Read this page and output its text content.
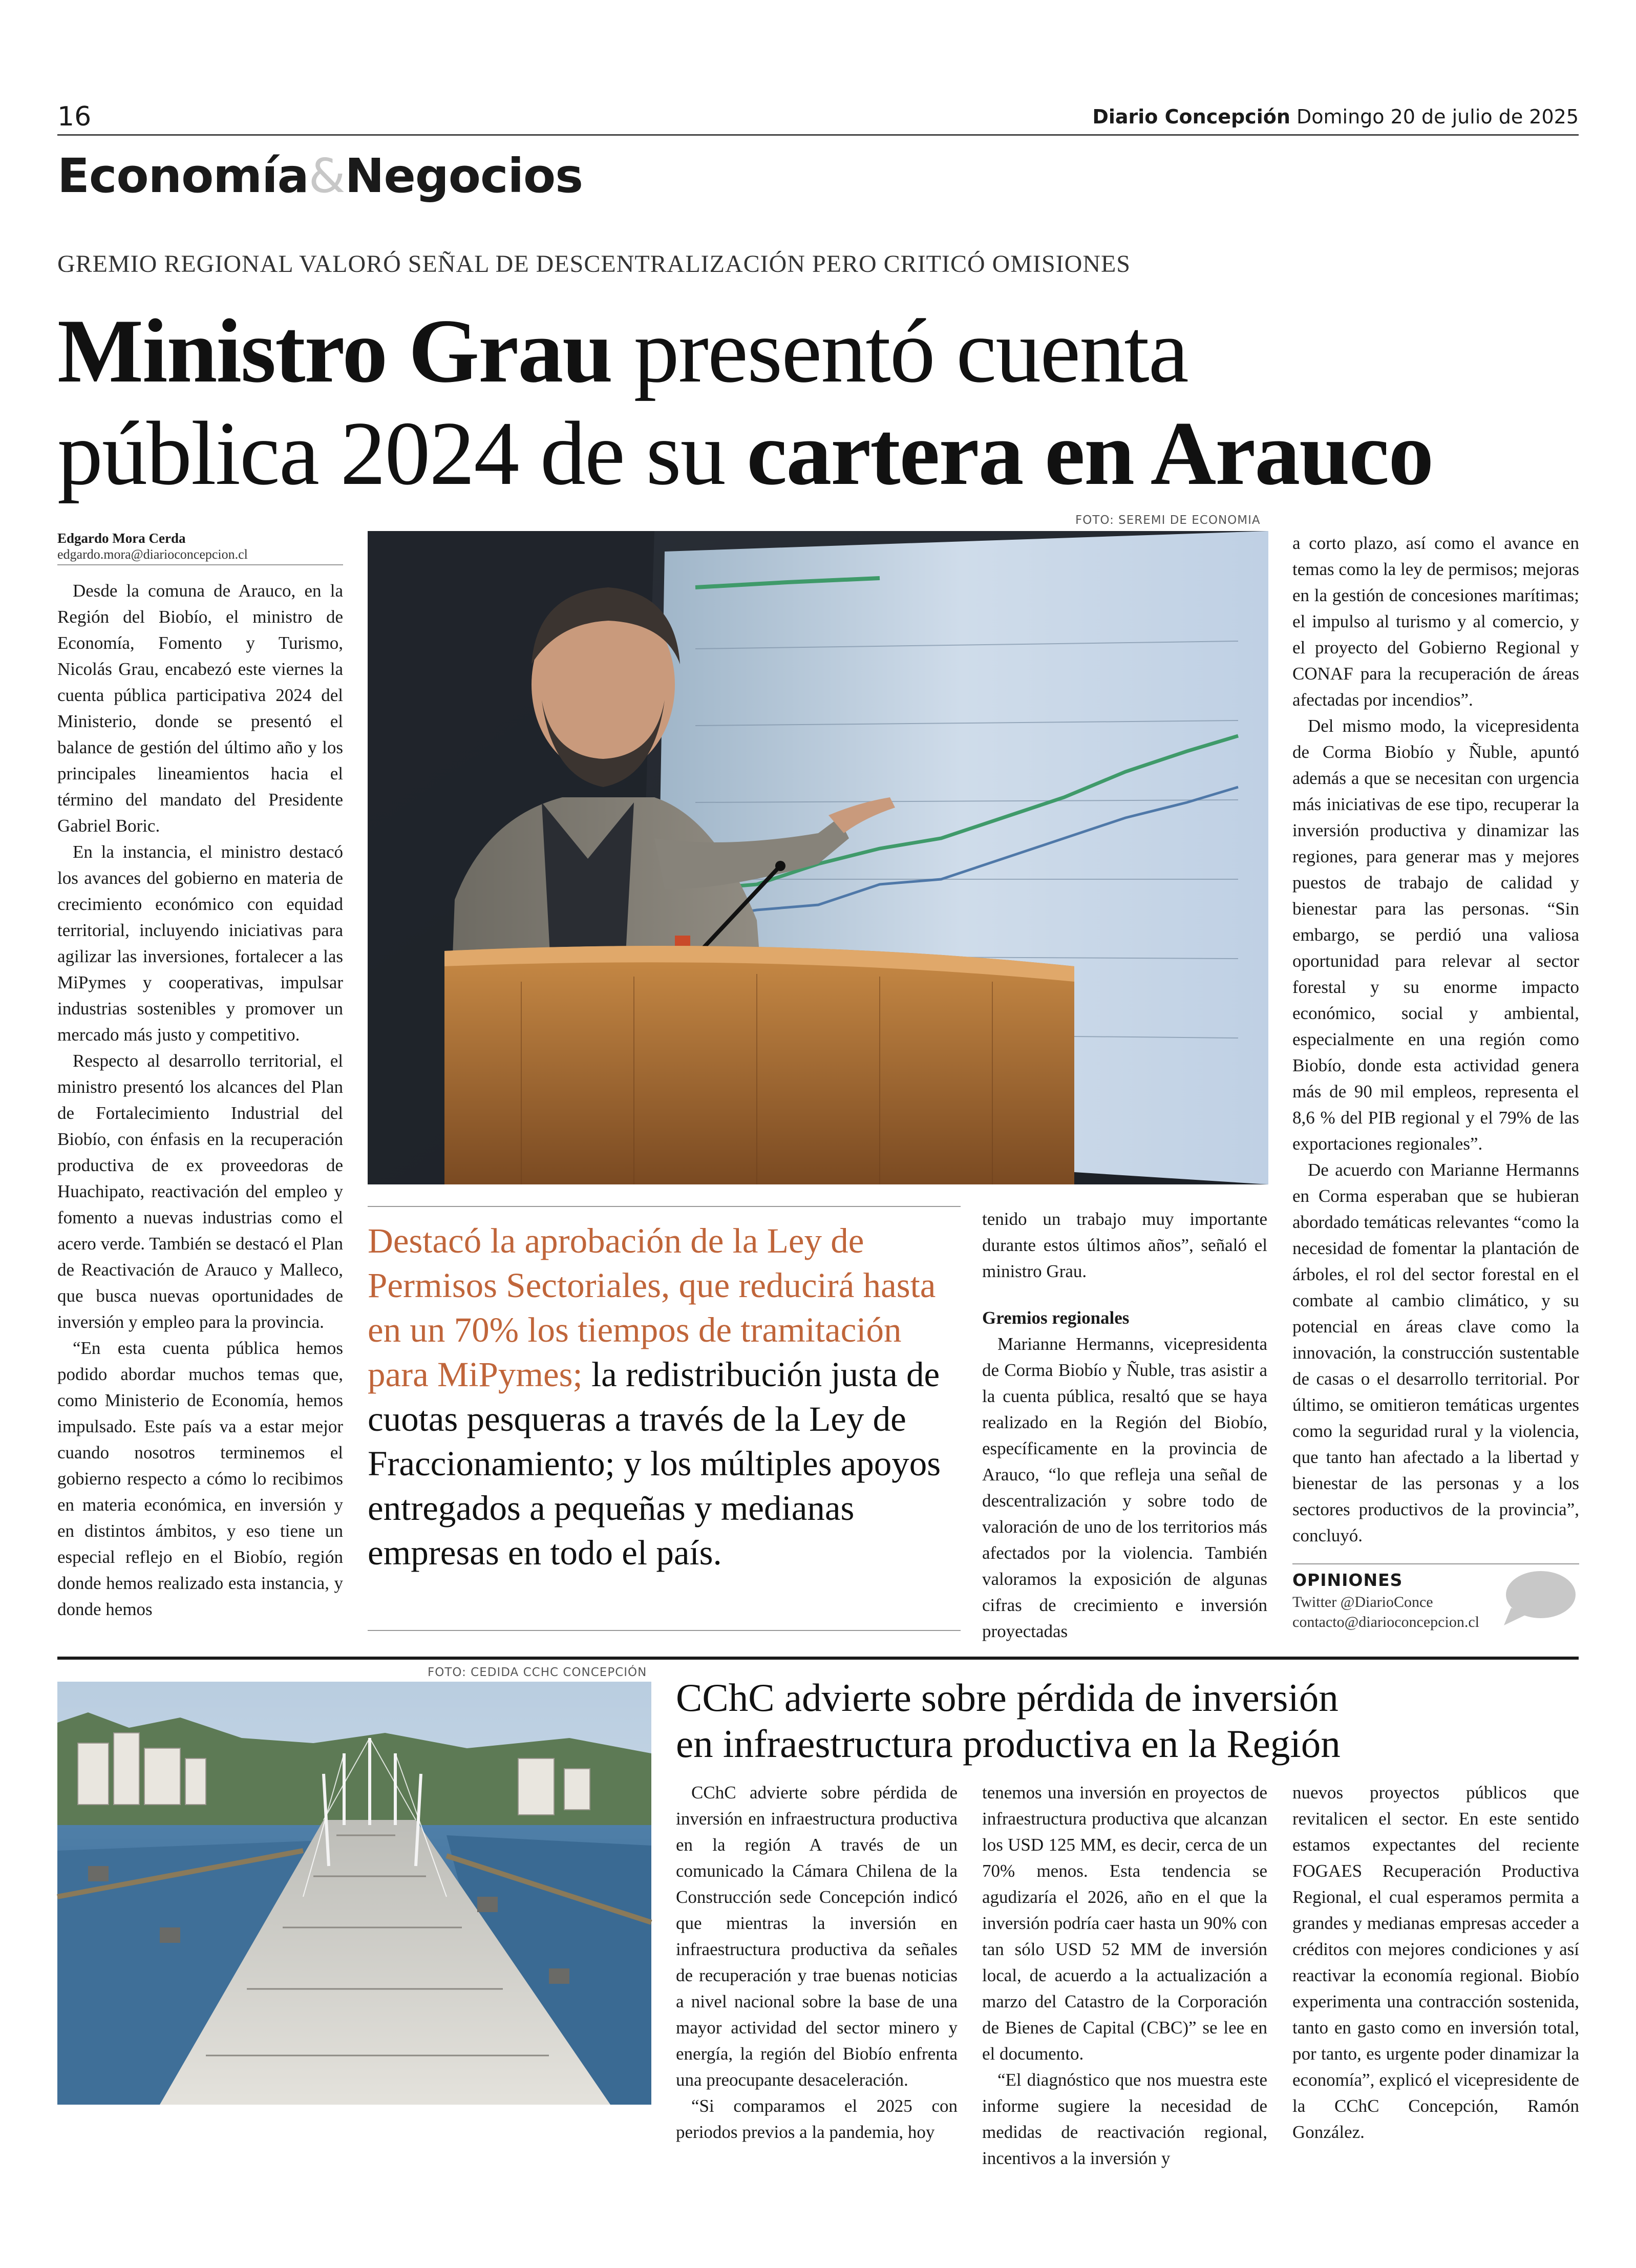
16	Diario Concepción Domingo 20 de julio de 2025
Economía&Negocios
GREMIO REGIONAL VALORÓ SEÑAL DE DESCENTRALIZACIÓN PERO CRITICÓ OMISIONES
Ministro Grau presentó cuenta
pública 2024 de su cartera en Arauco
Edgardo Mora Cerda
edgardo.mora@diarioconcepcion.cl

Desde la comuna de Arauco, en la Región del Biobío, el ministro de Economía, Fomento y Turismo, Nicolás Grau, encabezó este viernes la cuenta pública participativa 2024 del Ministerio, donde se presentó el balance de gestión del último año y los principales lineamientos hacia el término del mandato del Presidente Gabriel Boric.

En la instancia, el ministro destacó los avances del gobierno en materia de crecimiento económico con equidad territorial, incluyendo iniciativas para agilizar las inversiones, fortalecer a las MiPymes y cooperativas, impulsar industrias sostenibles y promover un mercado más justo y competitivo.

Respecto al desarrollo territorial, el ministro presentó los alcances del Plan de Fortalecimiento Industrial del Biobío, con énfasis en la recuperación productiva de ex proveedoras de Huachipato, reactivación del empleo y fomento a nuevas industrias como el acero verde. También se destacó el Plan de Reactivación de Arauco y Malleco, que busca nuevas oportunidades de inversión y empleo para la provincia.

“En esta cuenta pública hemos podido abordar muchos temas que, como Ministerio de Economía, hemos impulsado. Este país va a estar mejor cuando nosotros terminemos el gobierno respecto a cómo lo recibimos en materia económica, en inversión y en distintos ámbitos, y eso tiene un especial reflejo en el Biobío, región donde hemos realizado esta instancia, y donde hemos

FOTO: SEREMI DE ECONOMIA
Destacó la aprobación de la Ley de Permisos Sectoriales, que reducirá hasta en un 70% los tiempos de tramitación para MiPymes; la redistribución justa de cuotas pesqueras a través de la Ley de Fraccionamiento; y los múltiples apoyos entregados a pequeñas y medianas empresas en todo el país.

tenido un trabajo muy importante durante estos últimos años”, señaló el ministro Grau.

Gremios regionales

Marianne Hermanns, vicepresidenta de Corma Biobío y Ñuble, tras asistir a la cuenta pública, resaltó que se haya realizado en la Región del Biobío, específicamente en la provincia de Arauco, “lo que refleja una señal de descentralización y sobre todo de valoración de uno de los territorios más afectados por la violencia. También valoramos la exposición de algunas cifras de crecimiento e inversión proyectadas

a corto plazo, así como el avance en temas como la ley de permisos; mejoras en la gestión de concesiones marítimas; el impulso al turismo y al comercio, y el proyecto del Gobierno Regional y CONAF para la recuperación de áreas afectadas por incendios”.

Del mismo modo, la vicepresidenta de Corma Biobío y Ñuble, apuntó además a que se necesitan con urgencia más iniciativas de ese tipo, recuperar la inversión productiva y dinamizar las regiones, para generar mas y mejores puestos de trabajo de calidad y bienestar para las personas. “Sin embargo, se perdió una valiosa oportunidad para relevar al sector forestal y su enorme impacto económico, social y ambiental, especialmente en una región como Biobío, donde esta actividad genera más de 90 mil empleos, representa el 8,6 % del PIB regional y el 79% de las exportaciones regionales”.

De acuerdo con Marianne Hermanns en Corma esperaban que se hubieran abordado temáticas relevantes “como la necesidad de fomentar la plantación de árboles, el rol del sector forestal en el combate al cambio climático, y su potencial en áreas clave como la innovación, la construcción sustentable de casas o el desarrollo territorial. Por último, se omitieron temáticas urgentes como la seguridad rural y la violencia, que tanto han afectado a la libertad y bienestar de las personas y a los sectores productivos de la provincia”, concluyó.

OPINIONES
Twitter @DiarioConce
contacto@diarioconcepcion.cl
FOTO: CEDIDA CCHC CONCEPCIÓN
CChC advierte sobre pérdida de inversión
en infraestructura productiva en la Región

CChC advierte sobre pérdida de inversión en infraestructura productiva en la región A través de un comunicado la Cámara Chilena de la Construcción sede Concepción indicó que mientras la inversión en infraestructura productiva da señales de recuperación y trae buenas noticias a nivel nacional sobre la base de una mayor actividad del sector minero y energía, la región del Biobío enfrenta una preocupante desaceleración.

“Si comparamos el 2025 con periodos previos a la pandemia, hoy

tenemos una inversión en proyectos de infraestructura productiva que alcanzan los USD 125 MM, es decir, cerca de un 70% menos. Esta tendencia se agudizaría el 2026, año en el que la inversión podría caer hasta un 90% con tan sólo USD 52 MM de inversión local, de acuerdo a la actualización a marzo del Catastro de la Corporación de Bienes de Capital (CBC)” se lee en el documento.

“El diagnóstico que nos muestra este informe sugiere la necesidad de medidas de reactivación regional, incentivos a la inversión y

nuevos proyectos públicos que revitalicen el sector. En este sentido estamos expectantes del reciente FOGAES Recuperación Productiva Regional, el cual esperamos permita a grandes y medianas empresas acceder a créditos con mejores condiciones y así reactivar la economía regional. Biobío experimenta una contracción sostenida, tanto en gasto como en inversión total, por tanto, es urgente poder dinamizar la economía”, explicó el vicepresidente de la CChC Concepción, Ramón González.
